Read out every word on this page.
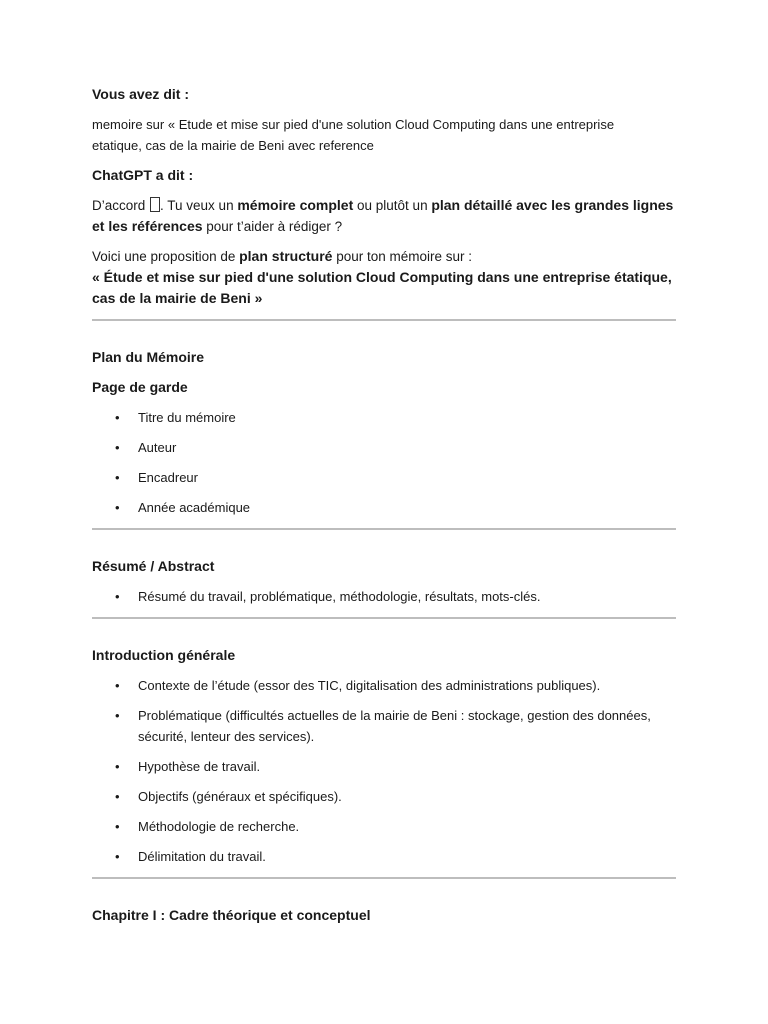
Vous avez dit :
memoire sur « Etude et mise sur pied d'une solution Cloud Computing dans une entreprise
etatique, cas de la mairie de Beni avec reference
ChatGPT a dit :
D’accord . Tu veux un mémoire complet ou plutôt un plan détaillé avec les grandes lignes et les références pour t’aider à rédiger ?
Voici une proposition de plan structuré pour ton mémoire sur :
« Étude et mise sur pied d'une solution Cloud Computing dans une entreprise étatique, cas de la mairie de Beni »
Plan du Mémoire
Page de garde
• Titre du mémoire
• Auteur
• Encadreur
• Année académique
Résumé / Abstract
• Résumé du travail, problématique, méthodologie, résultats, mots-clés.
Introduction générale
• Contexte de l’étude (essor des TIC, digitalisation des administrations publiques).
• Problématique (difficultés actuelles de la mairie de Beni : stockage, gestion des données, sécurité, lenteur des services).
• Hypothèse de travail.
• Objectifs (généraux et spécifiques).
• Méthodologie de recherche.
• Délimitation du travail.
Chapitre I : Cadre théorique et conceptuel
